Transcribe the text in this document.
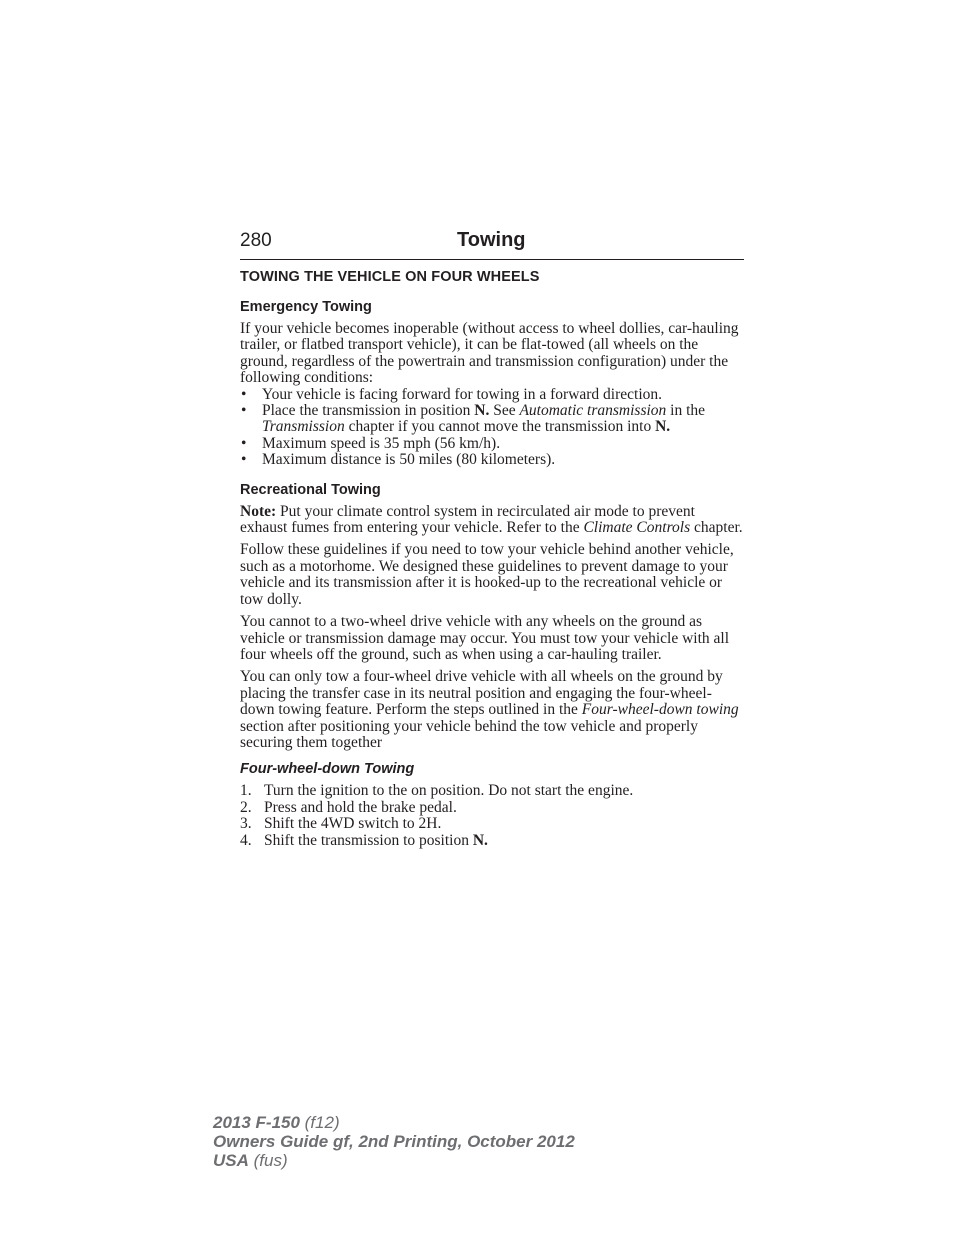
280	Towing
TOWING THE VEHICLE ON FOUR WHEELS
Emergency Towing

If your vehicle becomes inoperable (without access to wheel dollies, car-hauling trailer, or flatbed transport vehicle), it can be flat-towed (all wheels on the ground, regardless of the powertrain and transmission configuration) under the following conditions:

• Your vehicle is facing forward for towing in a forward direction.
• Place the transmission in position N. See Automatic transmission in the Transmission chapter if you cannot move the transmission into N.
• Maximum speed is 35 mph (56 km/h).
• Maximum distance is 50 miles (80 kilometers).
Recreational Towing

Note: Put your climate control system in recirculated air mode to prevent exhaust fumes from entering your vehicle. Refer to the Climate Controls chapter.

Follow these guidelines if you need to tow your vehicle behind another vehicle, such as a motorhome. We designed these guidelines to prevent damage to your vehicle and its transmission after it is hooked-up to the recreational vehicle or tow dolly.

You cannot to a two-wheel drive vehicle with any wheels on the ground as vehicle or transmission damage may occur. You must tow your vehicle with all four wheels off the ground, such as when using a car-hauling trailer.

You can only tow a four-wheel drive vehicle with all wheels on the ground by placing the transfer case in its neutral position and engaging the four-wheel-down towing feature. Perform the steps outlined in the Four-wheel-down towing section after positioning your vehicle behind the tow vehicle and properly securing them together

Four-wheel-down Towing
1. Turn the ignition to the on position. Do not start the engine.
2. Press and hold the brake pedal.
3. Shift the 4WD switch to 2H.
4. Shift the transmission to position N.
2013 F-150 (f12)
Owners Guide gf, 2nd Printing, October 2012
USA (fus)
